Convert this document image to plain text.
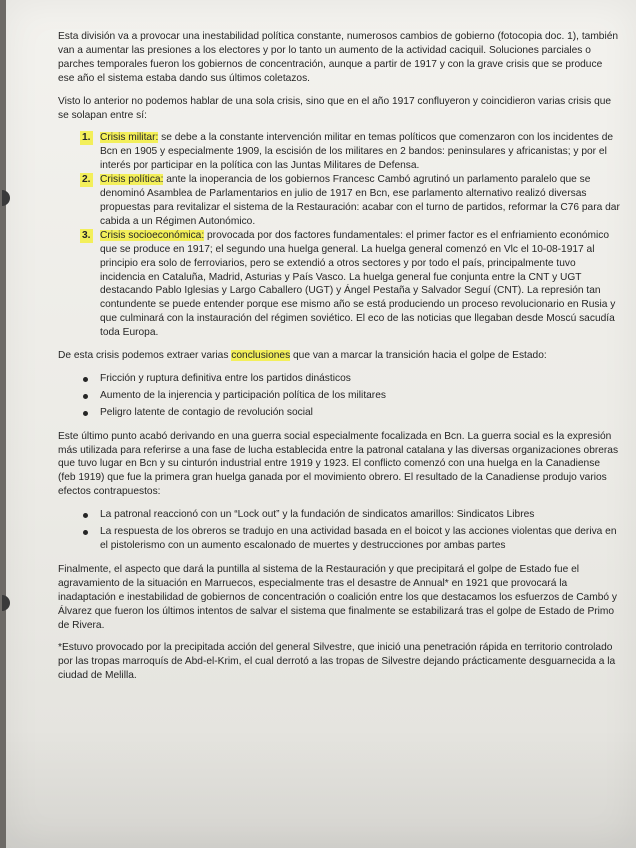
Esta división va a provocar una inestabilidad política constante, numerosos cambios de gobierno (fotocopia doc. 1), también van a aumentar las presiones a los electores y por lo tanto un aumento de la actividad caciquil. Soluciones parciales o parches temporales fueron los gobiernos de concentración, aunque a partir de 1917 y con la grave crisis que se produce ese año el sistema estaba dando sus últimos coletazos.

Visto lo anterior no podemos hablar de una sola crisis, sino que en el año 1917 confluyeron y coincidieron varias crisis que se solapan entre sí:

1. Crisis militar: se debe a la constante intervención militar en temas políticos que comenzaron con los incidentes de Bcn en 1905 y especialmente 1909, la escisión de los militares en 2 bandos: peninsulares y africanistas; y por el interés por participar en la política con las Juntas Militares de Defensa.
2. Crisis política: ante la inoperancia de los gobiernos Francesc Cambó agrutinó un parlamento paralelo que se denominó Asamblea de Parlamentarios en julio de 1917 en Bcn, ese parlamento alternativo realizó diversas propuestas para revitalizar el sistema de la Restauración: acabar con el turno de partidos, reformar la C76 para dar cabida a un Régimen Autonómico.
3. Crisis socioeconómica: provocada por dos factores fundamentales: el primer factor es el enfriamiento económico que se produce en 1917; el segundo una huelga general. La huelga general comenzó en Vlc el 10-08-1917 al principio era solo de ferroviarios, pero se extendió a otros sectores y por todo el país, principalmente tuvo incidencia en Cataluña, Madrid, Asturias y País Vasco. La huelga general fue conjunta entre la CNT y UGT destacando Pablo Iglesias y Largo Caballero (UGT) y Ángel Pestaña y Salvador Seguí (CNT). La represión tan contundente se puede entender porque ese mismo año se está produciendo un proceso revolucionario en Rusia y que culminará con la instauración del régimen soviético. El eco de las noticias que llegaban desde Moscú sacudía toda Europa.

De esta crisis podemos extraer varias conclusiones que van a marcar la transición hacia el golpe de Estado:

Fricción y ruptura definitiva entre los partidos dinásticos
Aumento de la injerencia y participación política de los militares
Peligro latente de contagio de revolución social

Este último punto acabó derivando en una guerra social especialmente focalizada en Bcn. La guerra social es la expresión más utilizada para referirse a una fase de lucha establecida entre la patronal catalana y las diversas organizaciones obreras que tuvo lugar en Bcn y su cinturón industrial entre 1919 y 1923. El conflicto comenzó con una huelga en la Canadiense (feb 1919) que fue la primera gran huelga ganada por el movimiento obrero. El resultado de la Canadiense produjo varios efectos contrapuestos:

La patronal reaccionó con un “Lock out” y la fundación de sindicatos amarillos: Sindicatos Libres
La respuesta de los obreros se tradujo en una actividad basada en el boicot y las acciones violentas que deriva en el pistolerismo con un aumento escalonado de muertes y destrucciones por ambas partes

Finalmente, el aspecto que dará la puntilla al sistema de la Restauración y que precipitará el golpe de Estado fue el agravamiento de la situación en Marruecos, especialmente tras el desastre de Annual* en 1921 que provocará la inadaptación e inestabilidad de gobiernos de concentración o coalición entre los que destacamos los esfuerzos de Cambó y Álvarez que fueron los últimos intentos de salvar el sistema que finalmente se estabilizará tras el golpe de Estado de Primo de Rivera.

*Estuvo provocado por la precipitada acción del general Silvestre, que inició una penetración rápida en territorio controlado por las tropas marroquís de Abd-el-Krim, el cual derrotó a las tropas de Silvestre dejando prácticamente desguarnecida a la ciudad de Melilla.
